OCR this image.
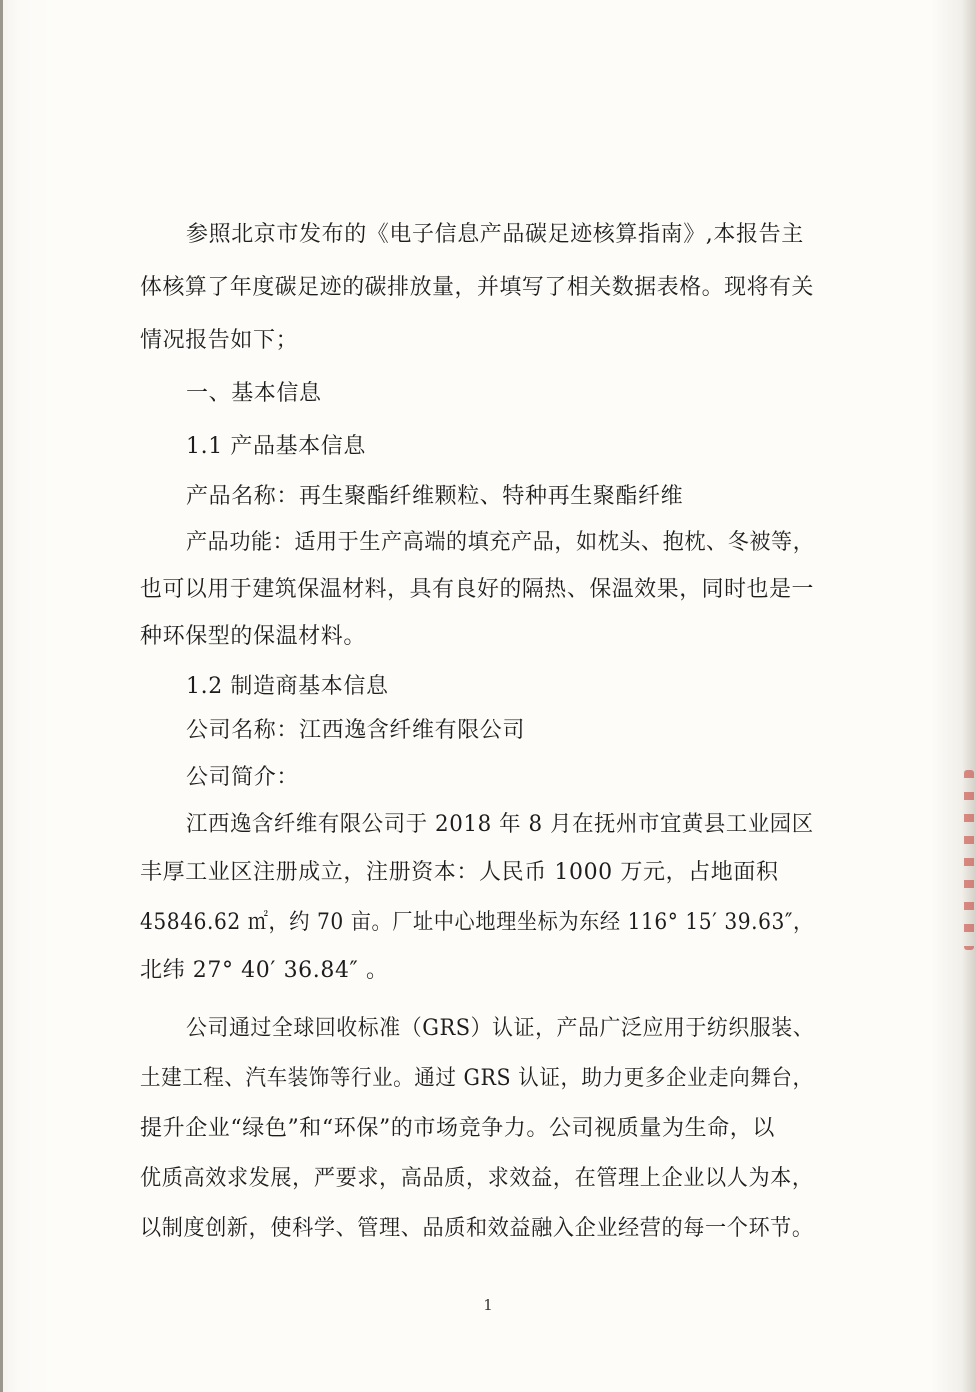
参照北京市发布的《电子信息产品碳足迹核算指南》,本报告主
体核算了年度碳足迹的碳排放量，并填写了相关数据表格。现将有关
情况报告如下；
一、基本信息
1.1 产品基本信息
产品名称：再生聚酯纤维颗粒、特种再生聚酯纤维
产品功能：适用于生产高端的填充产品，如枕头、抱枕、冬被等，
也可以用于建筑保温材料，具有良好的隔热、保温效果，同时也是一
种环保型的保温材料。
1.2 制造商基本信息
公司名称：江西逸含纤维有限公司
公司简介：
江西逸含纤维有限公司于 2018 年 8 月在抚州市宜黄县工业园区
丰厚工业区注册成立，注册资本：人民币 1000 万元，占地面积
45846.62 ㎡，约 70 亩。厂址中心地理坐标为东经 116° 15′ 39.63″，
北纬 27° 40′ 36.84″ 。
公司通过全球回收标准（GRS）认证，产品广泛应用于纺织服装、
土建工程、汽车装饰等行业。通过 GRS 认证，助力更多企业走向舞台，
提升企业“绿色”和“环保”的市场竞争力。公司视质量为生命，以
优质高效求发展，严要求，高品质，求效益，在管理上企业以人为本，
以制度创新，使科学、管理、品质和效益融入企业经营的每一个环节。
1
